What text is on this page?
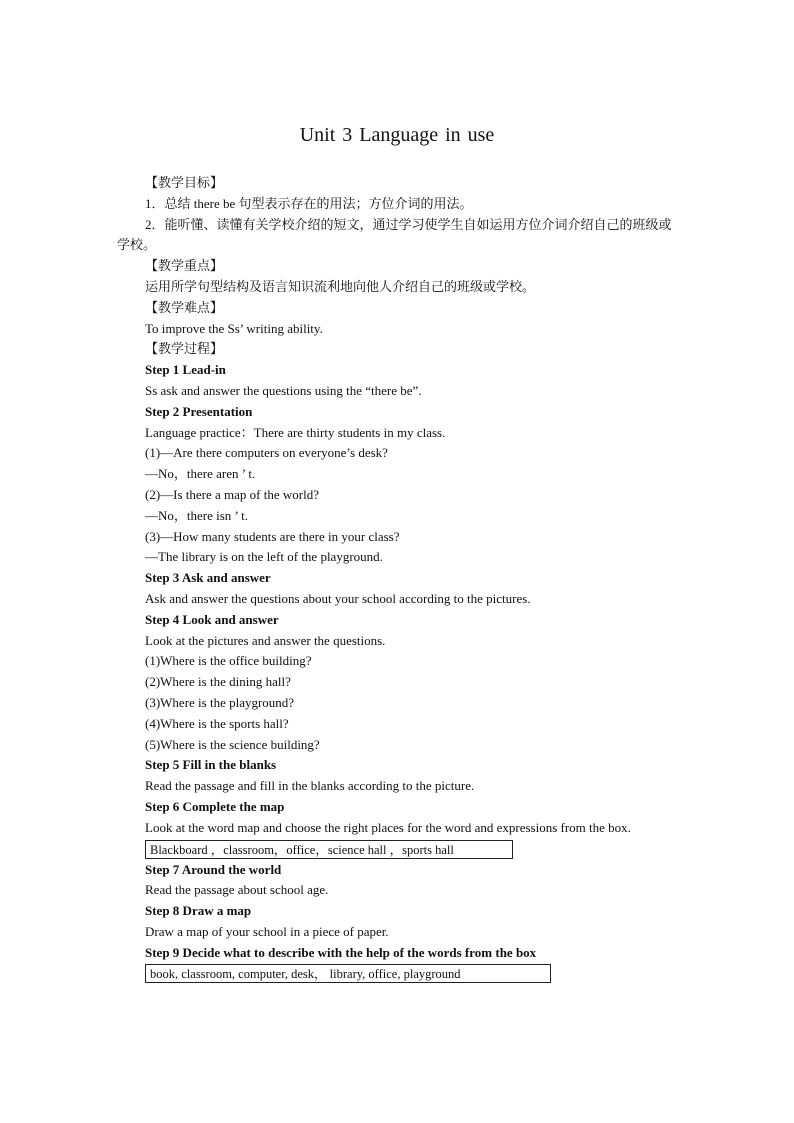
Unit 3 Language in use
【教学目标】
1．总结 there be 句型表示存在的用法；方位介词的用法。
2．能听懂、读懂有关学校介绍的短文，通过学习使学生自如运用方位介词介绍自己的班级或学校。
【教学重点】
运用所学句型结构及语言知识流利地向他人介绍自己的班级或学校。
【教学难点】
To improve the Ss’ writing ability.
【教学过程】
Step 1 Lead-in
Ss ask and answer the questions using the “there be”.
Step 2 Presentation
Language practice：There are thirty students in my class.
(1)—Are there computers on everyone’s desk?
—No，there aren ’ t.
(2)—Is there a map of the world?
—No，there isn ’ t.
(3)—How many students are there in your class?
—The library is on the left of the playground.
Step 3 Ask and answer
Ask and answer the questions about your school according to the pictures.
Step 4 Look and answer
Look at the pictures and answer the questions.
(1)Where is the office building?
(2)Where is the dining hall?
(3)Where is the playground?
(4)Where is the sports hall?
(5)Where is the science building?
Step 5 Fill in the blanks
Read the passage and fill in the blanks according to the picture.
Step 6 Complete the map
Look at the word map and choose the right places for the word and expressions from the box.
Blackboard ，classroom，office，science hall ，sports hall
Step 7 Around the world
Read the passage about school age.
Step 8 Draw a map
Draw a map of your school in a piece of paper.
Step 9 Decide what to describe with the help of the words from the box
book, classroom, computer, desk， library, office, playground
